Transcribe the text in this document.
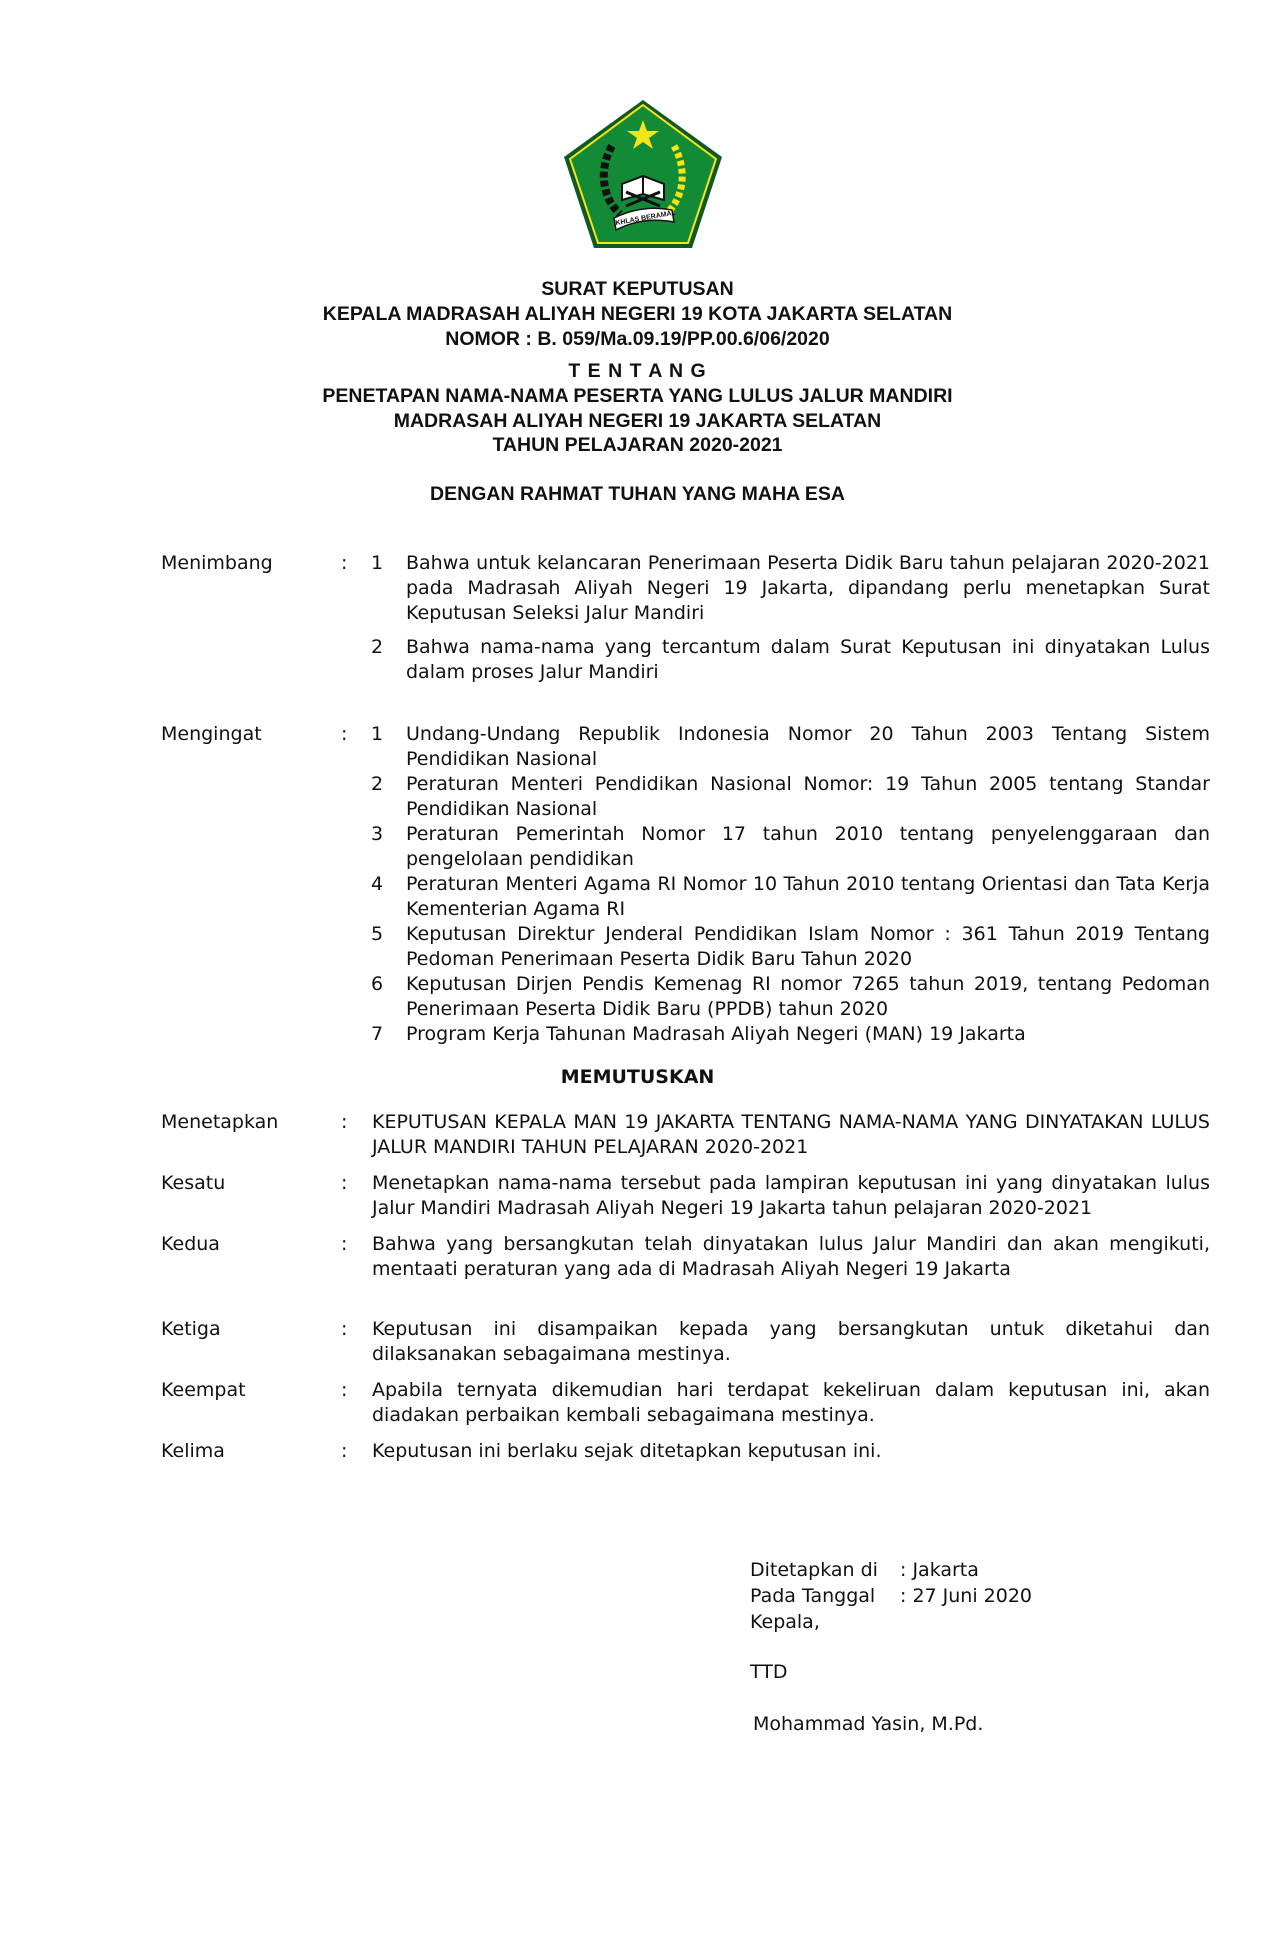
IKHLAS BERAMAL
SURAT KEPUTUSAN
KEPALA MADRASAH ALIYAH NEGERI 19 KOTA JAKARTA SELATAN
NOMOR : B. 059/Ma.09.19/PP.00.6/06/2020
T E N T A N G
PENETAPAN NAMA-NAMA PESERTA YANG LULUS JALUR MANDIRI
MADRASAH ALIYAH NEGERI 19 JAKARTA SELATAN
TAHUN PELAJARAN 2020-2021
DENGAN RAHMAT TUHAN YANG MAHA ESA
Menimbang	: 1 Bahwa untuk kelancaran Penerimaan Peserta Didik Baru tahun pelajaran 2020-2021 pada Madrasah Aliyah Negeri 19 Jakarta, dipandang perlu menetapkan Surat Keputusan Seleksi Jalur Mandiri
2 Bahwa nama-nama yang tercantum dalam Surat Keputusan ini dinyatakan Lulus dalam proses Jalur Mandiri
Mengingat	: 1 Undang-Undang Republik Indonesia Nomor 20 Tahun 2003 Tentang Sistem Pendidikan Nasional
2 Peraturan Menteri Pendidikan Nasional Nomor: 19 Tahun 2005 tentang Standar Pendidikan Nasional
3 Peraturan Pemerintah Nomor 17 tahun 2010 tentang penyelenggaraan dan pengelolaan pendidikan
4 Peraturan Menteri Agama RI Nomor 10 Tahun 2010 tentang Orientasi dan Tata Kerja Kementerian Agama RI
5 Keputusan Direktur Jenderal Pendidikan Islam Nomor : 361 Tahun 2019 Tentang Pedoman Penerimaan Peserta Didik Baru Tahun 2020
6 Keputusan Dirjen Pendis Kemenag RI nomor 7265 tahun 2019, tentang Pedoman Penerimaan Peserta Didik Baru (PPDB) tahun 2020
7 Program Kerja Tahunan Madrasah Aliyah Negeri (MAN) 19 Jakarta
MEMUTUSKAN
Menetapkan	: KEPUTUSAN KEPALA MAN 19 JAKARTA TENTANG NAMA-NAMA YANG DINYATAKAN LULUS JALUR MANDIRI TAHUN PELAJARAN 2020-2021
Kesatu	: Menetapkan nama-nama tersebut pada lampiran keputusan ini yang dinyatakan lulus Jalur Mandiri Madrasah Aliyah Negeri 19 Jakarta tahun pelajaran 2020-2021
Kedua	: Bahwa yang bersangkutan telah dinyatakan lulus Jalur Mandiri dan akan mengikuti, mentaati peraturan yang ada di Madrasah Aliyah Negeri 19 Jakarta
Ketiga	: Keputusan ini disampaikan kepada yang bersangkutan untuk diketahui dan dilaksanakan sebagaimana mestinya.
Keempat	: Apabila ternyata dikemudian hari terdapat kekeliruan dalam keputusan ini, akan diadakan perbaikan kembali sebagaimana mestinya.
Kelima	: Keputusan ini berlaku sejak ditetapkan keputusan ini.
Ditetapkan di : Jakarta
Pada Tanggal : 27 Juni 2020
Kepala,
TTD
Mohammad Yasin, M.Pd.
